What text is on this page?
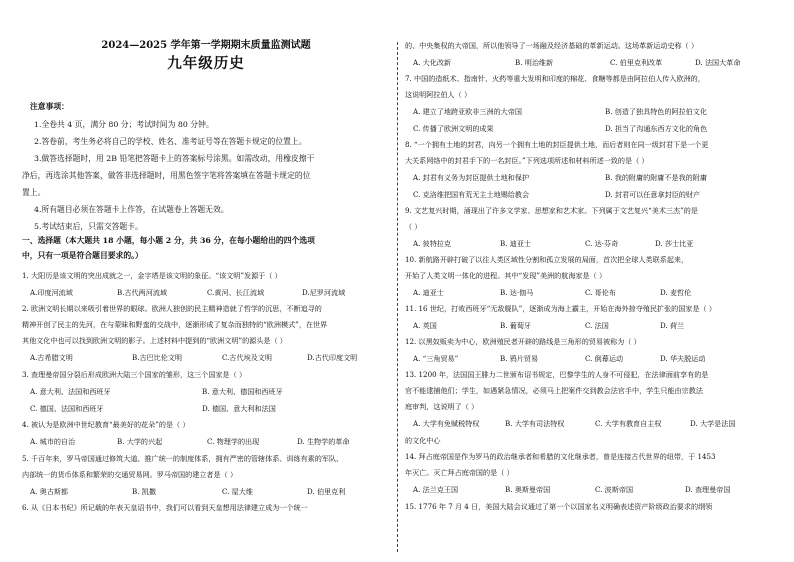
2024—2025 学年第一学期期末质量监测试题
九年级历史
注意事项：
1.全卷共 4 页，满分 80 分；考试时间为 80 分钟。
2.答卷前，考生务必将自己的学校、姓名、准考证号等在答题卡规定的位置上。
3.做答选择题时，用 2B 铅笔把答题卡上的答案标号涂黑。如需改动，用橡皮擦干
净后，再选涂其他答案，做答非选择题时，用黑色签字笔将答案填在答题卡规定的位
置上。
4.所有题目必须在答题卡上作答，在试题卷上答题无效。
5.考试结束后，只需交答题卡。
一、选择题（本大题共 18 小题，每小题 2 分，共 36 分，在每小题给出的四个选项
中，只有一项是符合题目要求的。）
1. 大阳历是该文明的突出成就之一，金字塔是该文明的象征。“该文明”发源于（ ）
A.印度河流域	B.古代两河流域	C.黄河、长江流域	D.尼罗河流域
2. 欧洲文明长期以来吸引着世界的眼球。欧洲人独创的民主精神造就了哲学的沉思，不断追寻的
精神开创了民主的先河，在与蒙昧和野蛮的交战中，逐渐形成了复杂而独特的“欧洲模式”，在世界
其他文化中也可以找到欧洲文明的影子。上述材料中提到的“欧洲文明”的源头是（ ）
A.古希腊文明	B.古巴比伦文明	C.古代埃及文明	D.古代印度文明
3. 查理曼帝国分裂后形成欧洲大陆三个国家的雏形，这三个国家是（ ）
A. 意大利、法国和西班牙	B. 意大利、德国和西班牙
C. 德国、法国和西班牙	D. 德国、意大利和法国
4. 被认为是欧洲中世纪教育“最美好的花朵”的是（ ）
A. 城市的自治	B. 大学的兴起	C. 物理学的出现	D. 生物学的革命
5. 千百年来，罗马帝国通过修筑大道、推广统一的制度体系，拥有严密的管辖体系、训练有素的军队、
内部统一的货币体系和繁荣的交通贸易网。罗马帝国的建立者是（ ）
A. 奥古斯都	B. 凯撒	C. 屋大维	D. 伯里克利
6. 从《日本书纪》所记载的年表天皇诏书中，我们可以看到天皇想用法律建立成为一个统一
的、中央集权的大帝国，所以他领导了一场融及经济基础的革新运动。这场革新运动史称（ ）
A. 大化改新	B. 明治维新	C. 伯里克利改革	D. 法国大革命
7. 中国的造纸术、指南针、火药等重大发明和印度的棉花、食糖等都是由阿拉伯人传入欧洲的，
这说明阿拉伯人（ ）
A. 建立了地跨亚欧非三洲的大帝国	B. 创造了独具特色的阿拉伯文化
C. 传播了欧洲文明的成果	D. 担当了沟通东西方文化的角色
8. “一个拥有土地的封君，向另一个拥有土地的封臣提供土地，而后者则在同一级封君下是一个更
大关系网络中的封君手下的一名封臣。”下列选项所述和材料所述一致的是（ ）
A. 封君有义务为封臣提供土地和保护	B. 我的附庸的附庸不是我的附庸
C. 克洛维把国有荒无主土地赐给教会	D. 封君可以任意拿封臣的财产
9. 文艺复兴时期，涌现出了许多文学家、思想家和艺术家。下列属于文艺复兴“美术三杰”的是
（ ）
A. 彼特拉克	B. 迪亚士	C. 达·芬奇	D. 莎士比亚
10. 新航路开辟打破了以往人类区域性分割和孤立发展的局面，首次把全球人类联系起来，
开始了人类文明一体化的进程。其中“发现”美洲的航海家是（ ）
A. 迪亚士	B. 达·伽马	C. 哥伦布	D. 麦哲伦
11. 16 世纪，打败西班牙“无敌舰队”，逐渐成为海上霸主，开始在海外掠夺殖民扩张的国家是（ ）
A. 英国	B. 葡萄牙	C. 法国	D. 荷兰
12. 以黑奴贩卖为中心，欧洲殖民者开辟的路线是三角形的贸易被称为（ ）
A. “三角贸易”	B. 鸦片贸易	C. 倒幕运动	D. 华夫脱运动
13. 1200 年，法国国王腓力二世颁布诏书规定，巴黎学生的人身不可侵犯，在法律面前享有的是
官不能逮捕他们；学生，如遇紧急情况，必须马上把案件交到教会法官手中，学生只能由宗教法
庭审判，这说明了（ ）
A. 大学有免赋税特权	B. 大学有司法特权	C. 大学有教育自主权	D. 大学是法国
的文化中心
14. 拜占庭帝国是作为罗马的政治继承者和希腊的文化继承者，曾是连接古代世界的纽带，于 1453
年灭亡。灭亡拜占庭帝国的是（ ）
A. 法兰克王国	B. 奥斯曼帝国	C. 波斯帝国	D. 查理曼帝国
15. 1776 年 7 月 4 日，美国大陆会议通过了第一个以国家名义明确表述资产阶级政治要求的纲领
